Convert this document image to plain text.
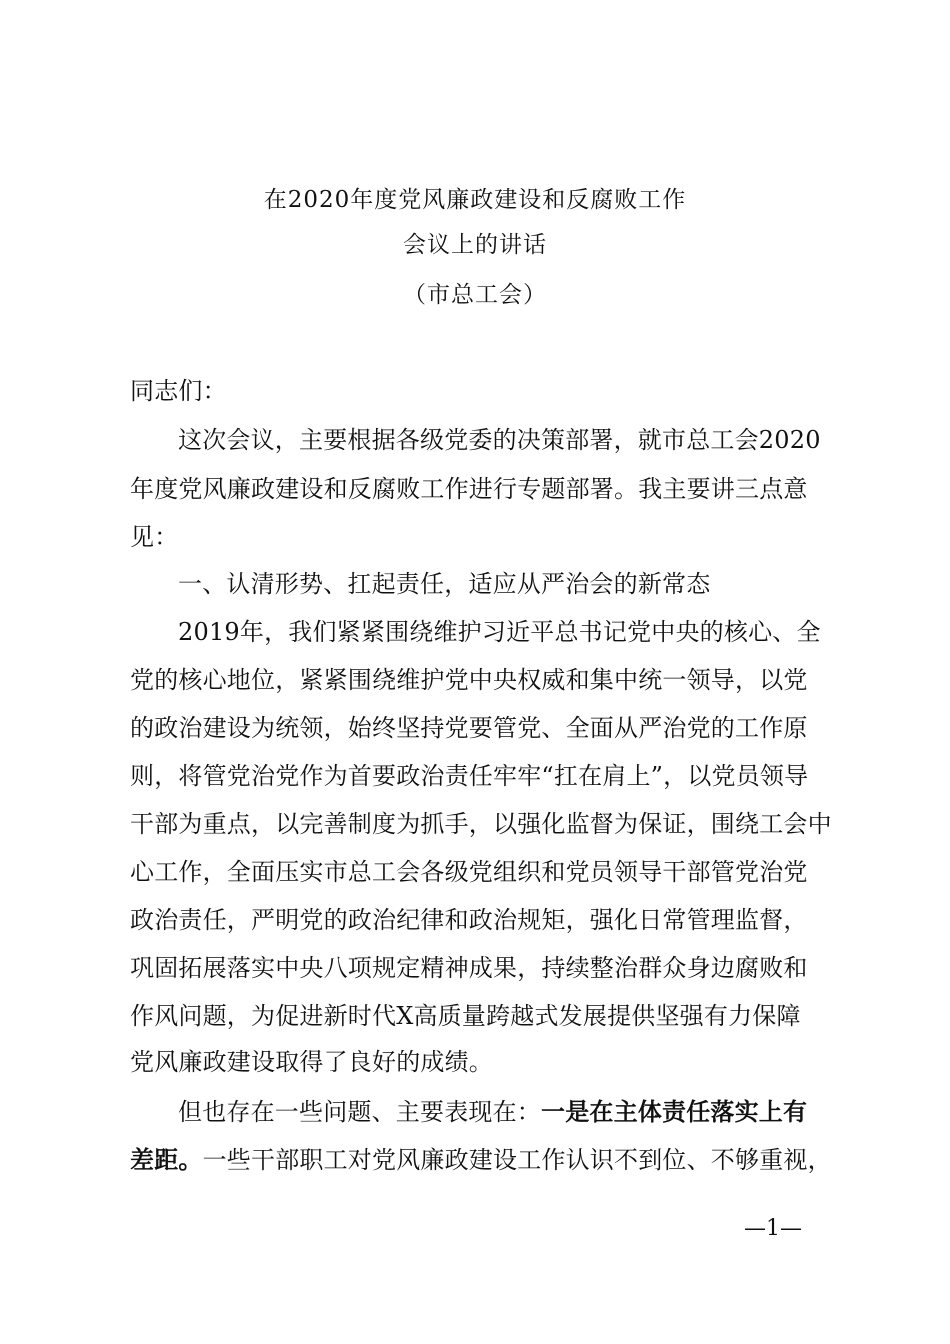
在2020年度党风廉政建设和反腐败工作
会议上的讲话
（市总工会）
同志们：
这次会议，主要根据各级党委的决策部署，就市总工会2020
年度党风廉政建设和反腐败工作进行专题部署。我主要讲三点意
见：
一、认清形势、扛起责任，适应从严治会的新常态
2019年，我们紧紧围绕维护习近平总书记党中央的核心、全
党的核心地位，紧紧围绕维护党中央权威和集中统一领导，以党
的政治建设为统领，始终坚持党要管党、全面从严治党的工作原
则，将管党治党作为首要政治责任牢牢“扛在肩上”，以党员领导
干部为重点，以完善制度为抓手，以强化监督为保证，围绕工会中
心工作，全面压实市总工会各级党组织和党员领导干部管党治党
政治责任，严明党的政治纪律和政治规矩，强化日常管理监督，
巩固拓展落实中央八项规定精神成果，持续整治群众身边腐败和
作风问题，为促进新时代X高质量跨越式发展提供坚强有力保障
党风廉政建设取得了良好的成绩。
但也存在一些问题、主要表现在：一是在主体责任落实上有
差距。一些干部职工对党风廉政建设工作认识不到位、不够重视，
—1—
